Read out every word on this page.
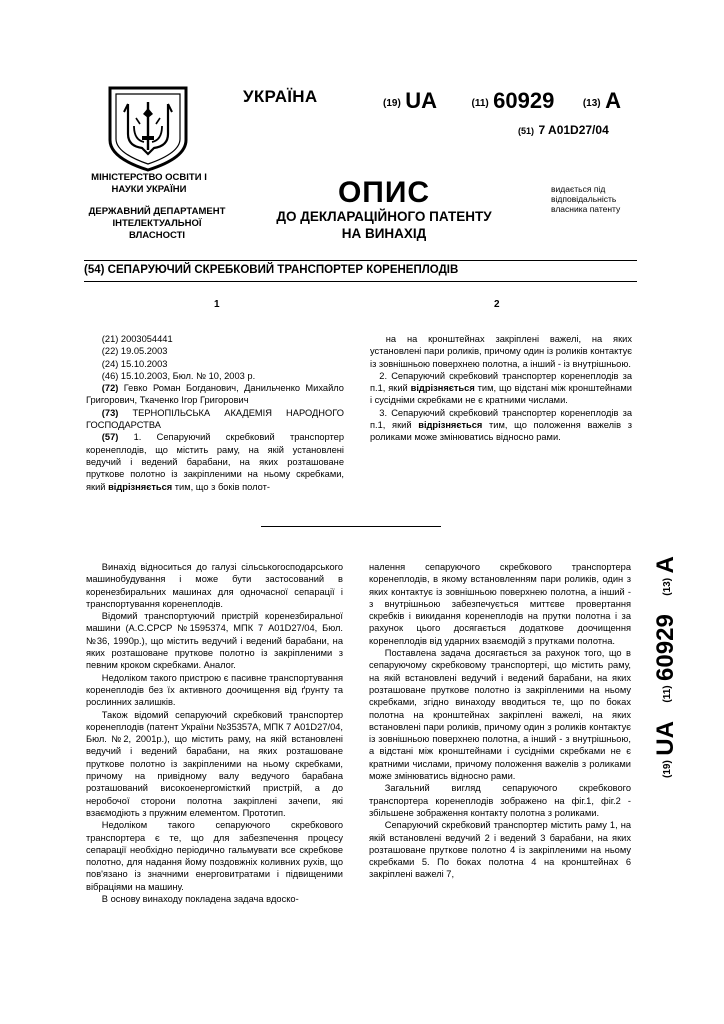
УКРАЇНА	(19) UA	(11) 60929	(13) A
(51) 7 A01D27/04
МІНІСТЕРСТВО ОСВІТИ І НАУКИ УКРАЇНИ
ДЕРЖАВНИЙ ДЕПАРТАМЕНТ ІНТЕЛЕКТУАЛЬНОЇ ВЛАСНОСТІ
ОПИС
ДО ДЕКЛАРАЦІЙНОГО ПАТЕНТУ
НА ВИНАХІД
видається під відповідальність власника патенту
(54) СЕПАРУЮЧИЙ СКРЕБКОВИЙ ТРАНСПОРТЕР КОРЕНЕПЛОДІВ
1	2

(21) 2003054441

(22) 19.05.2003

(24) 15.10.2003

(46) 15.10.2003, Бюл. № 10, 2003 р.

(72) Гевко Роман Богданович, Данильченко Михайло Григорович, Ткаченко Ігор Григорович

(73) ТЕРНОПІЛЬСЬКА АКАДЕМІЯ НАРОДНОГО ГОСПОДАРСТВА

(57) 1. Сепаруючий скребковий транспортер коренеплодів, що містить раму, на якій установлені ведучий і ведений барабани, на яких розташоване пруткове полотно із закріпленими на ньому скребками, який відрізняється тим, що з боків полот-

на на кронштейнах закріплені важелі, на яких установлені пари роликів, причому один із роликів контактує із зовнішньою поверхнею полотна, а інший - із внутрішньою.

2. Сепаруючий скребковий транспортер коренеплодів за п.1, який відрізняється тим, що відстані між кронштейнами і сусідніми скребками не є кратними числами.

3. Сепаруючий скребковий транспортер коренеплодів за п.1, який відрізняється тим, що положення важелів з роликами може змінюватись відносно рами.

Винахід відноситься до галузі сільськогосподарського машинобудування і може бути застосований в коренезбиральних машинах для одночасної сепарації і транспортування коренеплодів.

Відомий транспортуючий пристрій коренезбиральної машини (А.С.СРСР №1595374, МПК 7 A01D27/04, Бюл. №36, 1990р.), що містить ведучий і ведений барабани, на яких розташоване пруткове полотно із закріпленими з певним кроком скребками. Аналог.

Недоліком такого пристрою є пасивне транспортування коренеплодів без їх активного доочищення від ґрунту та рослинних залишків.

Також відомий сепаруючий скребковий транспортер коренеплодів (патент України №35357А, МПК 7 A01D27/04, Бюл. №2, 2001р.), що містить раму, на якій встановлені ведучий і ведений барабани, на яких розташоване пруткове полотно із закріпленими на ньому скребками, причому на привідному валу ведучого барабана розташований високоенергомісткий пристрій, а до неробочої сторони полотна закріплені зачепи, які взаємодіють з пружним елементом. Прототип.

Недоліком такого сепаруючого скребкового транспортера є те, що для забезпечення процесу сепарації необхідно періодично гальмувати все скребкове полотно, для надання йому поздовжніх коливних рухів, що пов'язано із значними енерговитратами і підвищеними вібраціями на машину.

В основу винаходу покладена задача вдоско-

налення сепаруючого скребкового транспортера коренеплодів, в якому встановленням пари роликів, один з яких контактує із зовнішньою поверхнею полотна, а інший - з внутрішньою забезпечується миттєве провертання скребків і викидання коренеплодів на прутки полотна і за рахунок цього досягається додаткове доочищення коренеплодів від ударних взаємодій з прутками полотна.

Поставлена задача досягається за рахунок того, що в сепаруючому скребковому транспортері, що містить раму, на якій встановлені ведучий і ведений барабани, на яких розташоване пруткове полотно із закріпленими на ньому скребками, згідно винаходу вводиться те, що по боках полотна на кронштейнах закріплені важелі, на яких встановлені пари роликів, причому один з роликів контактує із зовнішньою поверхнею полотна, а інший - з внутрішньою, а відстані між кронштейнами і сусідніми скребками не є кратними числами, причому положення важелів з роликами може змінюватись відносно рами.

Загальний вигляд сепаруючого скребкового транспортера коренеплодів зображено на фіг.1, фіг.2 - збільшене зображення контакту полотна з роликами.

Сепаруючий скребковий транспортер містить раму 1, на якій встановлені ведучий 2 і ведений 3 барабани, на яких розташоване пруткове полотно 4 із закріпленими на ньому скребками 5. По боках полотна 4 на кронштейнах 6 закріплені важелі 7,

(19) UA (11) 60929 (13) A
